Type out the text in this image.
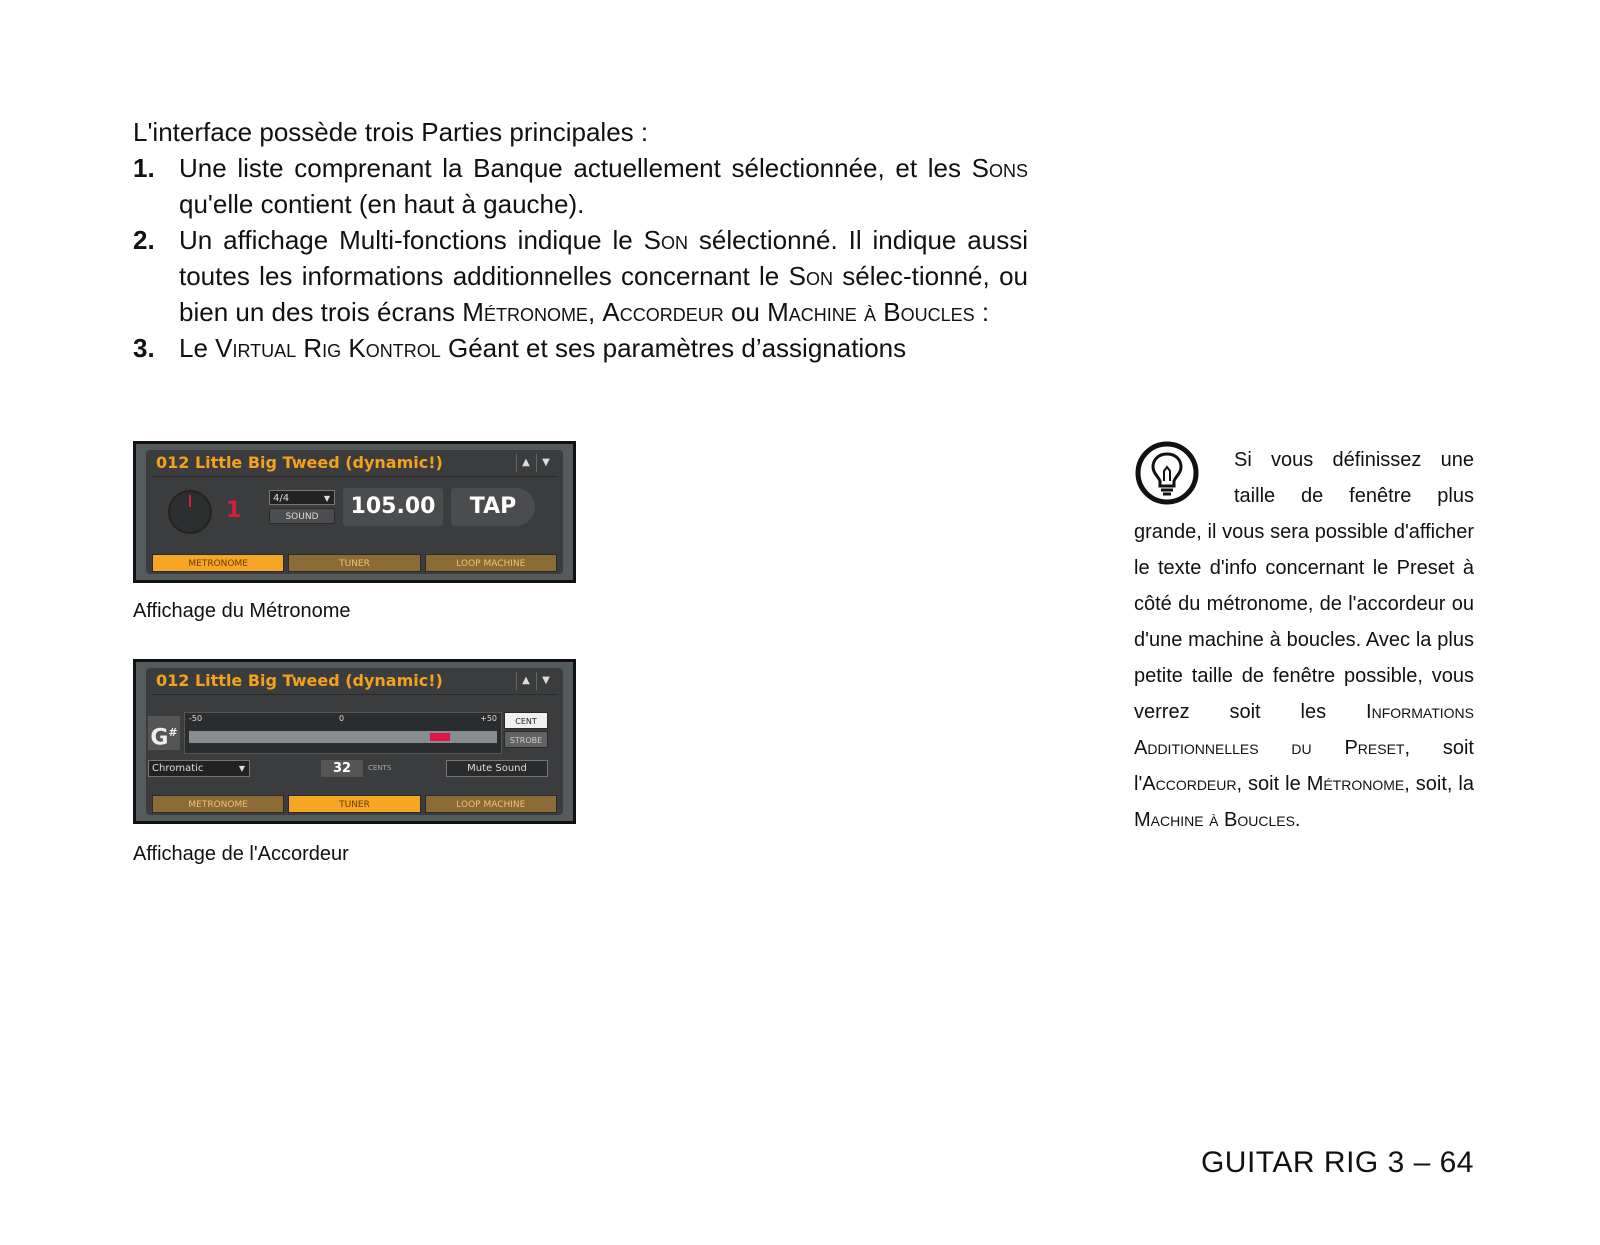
L'interface possède trois Parties principales :

1. Une liste comprenant la Banque actuellement sélectionnée, et les Sons qu'elle contient (en haut à gauche).
2. Un affichage Multi-fonctions indique le Son sélectionné. Il indique aussi toutes les informations additionnelles concernant le Son sélec-tionné, ou bien un des trois écrans Métronome, Accordeur ou Machine à Boucles :
3. Le Virtual Rig Kontrol Géant et ses paramètres d’assignations
012 Little Big Tweed (dynamic!)	▲	▼
1	4/4	▼
SOUND	105.00	TAP
METRONOME	TUNER	LOOP MACHINE
Affichage du Métronome
012 Little Big Tweed (dynamic!)	▲	▼
G#
-50	0	+50	CENT
STROBE
Chromatic	▼	32	CENTS	Mute Sound
METRONOME	TUNER	LOOP MACHINE
Affichage de l'Accordeur

Si vous définissez une taille de fenêtre plus grande, il vous sera possible d'afficher le texte d'info concernant le Preset à côté du métronome, de l'accordeur ou d'une machine à boucles. Avec la plus petite taille de fenêtre possible, vous verrez soit les Informations Additionnelles du Preset, soit l'Accordeur, soit le Métronome, soit, la Machine à Boucles.

GUITAR RIG 3 – 64
